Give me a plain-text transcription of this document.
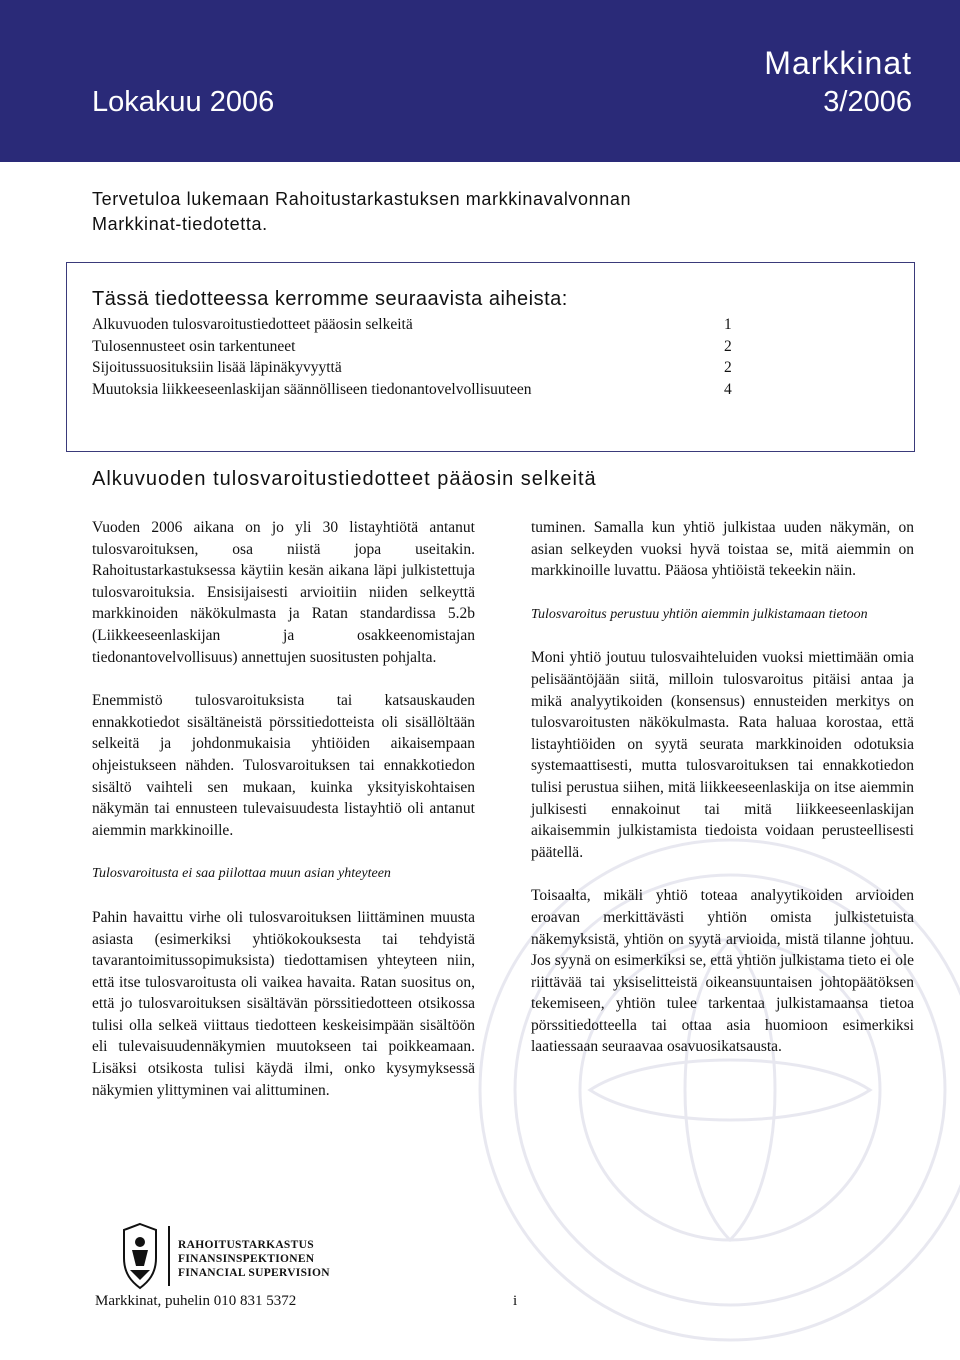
Lokakuu 2006
Markkinat
3/2006
Tervetuloa lukemaan Rahoitustarkastuksen markkinavalvonnan
Markkinat-tiedotetta.
Tässä tiedotteessa kerromme seuraavista aiheista:
Alkuvuoden tulosvaroitustiedotteet pääosin selkeitä	1
Tulosennusteet osin tarkentuneet	2
Sijoitussuosituksiin lisää läpinäkyvyyttä	2
Muutoksia liikkeeseenlaskijan säännölliseen tiedonantovelvollisuuteen	4
Alkuvuoden tulosvaroitustiedotteet pääosin selkeitä

Vuoden 2006 aikana on jo yli 30 listayhtiötä antanut tulosvaroituksen, osa niistä jopa useitakin. Rahoitustarkastuksessa käytiin kesän aikana läpi julkistettuja tulosvaroituksia. Ensisijaisesti arvioitiin niiden selkeyttä markkinoiden näkökulmasta ja Ratan standardissa 5.2b (Liikkeeseenlaskijan ja osakkeenomistajan tiedonantovelvollisuus) annettujen suositusten pohjalta.

Enemmistö tulosvaroituksista tai katsauskauden ennakkotiedot sisältäneistä pörssitiedotteista oli sisällöltään selkeitä ja johdonmukaisia yhtiöiden aikaisempaan ohjeistukseen nähden. Tulosvaroituksen tai ennakkotiedon sisältö vaihteli sen mukaan, kuinka yksityiskohtaisen näkymän tai ennusteen tulevaisuudesta listayhtiö oli antanut aiemmin markkinoille.

Tulosvaroitusta ei saa piilottaa muun asian yhteyteen

Pahin havaittu virhe oli tulosvaroituksen liittäminen muusta asiasta (esimerkiksi yhtiökokouksesta tai tehdyistä tavarantoimitussopimuksista) tiedottamisen yhteyteen niin, että itse tulosvaroitusta oli vaikea havaita. Ratan suositus on, että jo tulosvaroituksen sisältävän pörssitiedotteen otsikossa tulisi olla selkeä viittaus tiedotteen keskeisimpään sisältöön eli tulevaisuudennäkymien muutokseen tai poikkeamaan. Lisäksi otsikosta tulisi käydä ilmi, onko kysymyksessä näkymien ylittyminen vai alittuminen.

tuminen. Samalla kun yhtiö julkistaa uuden näkymän, on asian selkeyden vuoksi hyvä toistaa se, mitä aiemmin on markkinoille luvattu. Pääosa yhtiöistä tekeekin näin.

Tulosvaroitus perustuu yhtiön aiemmin julkistamaan tietoon

Moni yhtiö joutuu tulosvaihteluiden vuoksi miettimään omia pelisääntöjään siitä, milloin tulosvaroitus pitäisi antaa ja mikä analyytikoiden (konsensus) ennusteiden merkitys on tulosvaroitusten näkökulmasta. Rata haluaa korostaa, että listayhtiöiden on syytä seurata markkinoiden odotuksia systemaattisesti, mutta tulosvaroituksen tai ennakkotiedon tulisi perustua siihen, mitä liikkeeseenlaskija on itse aiemmin julkisesti ennakoinut tai mitä liikkeeseenlaskijan aikaisemmin julkistamista tiedoista voidaan perusteellisesti päätellä.

Toisaalta, mikäli yhtiö toteaa analyytikoiden arvioiden eroavan merkittävästi yhtiön omista julkistetuista näkemyksistä, yhtiön on syytä arvioida, mistä tilanne johtuu. Jos syynä on esimerkiksi se, että yhtiön julkistama tieto ei ole riittävää tai yksiselitteistä oikeansuuntaisen johtopäätöksen tekemiseen, yhtiön tulee tarkentaa julkistamaansa tietoa pörssitiedotteella tai ottaa asia huomioon esimerkiksi laatiessaan seuraavaa osavuosikatsausta.

RAHOITUSTARKASTUS
FINANSINSPEKTIONEN
FINANCIAL SUPERVISION
Markkinat, puhelin 010 831 5372	i
